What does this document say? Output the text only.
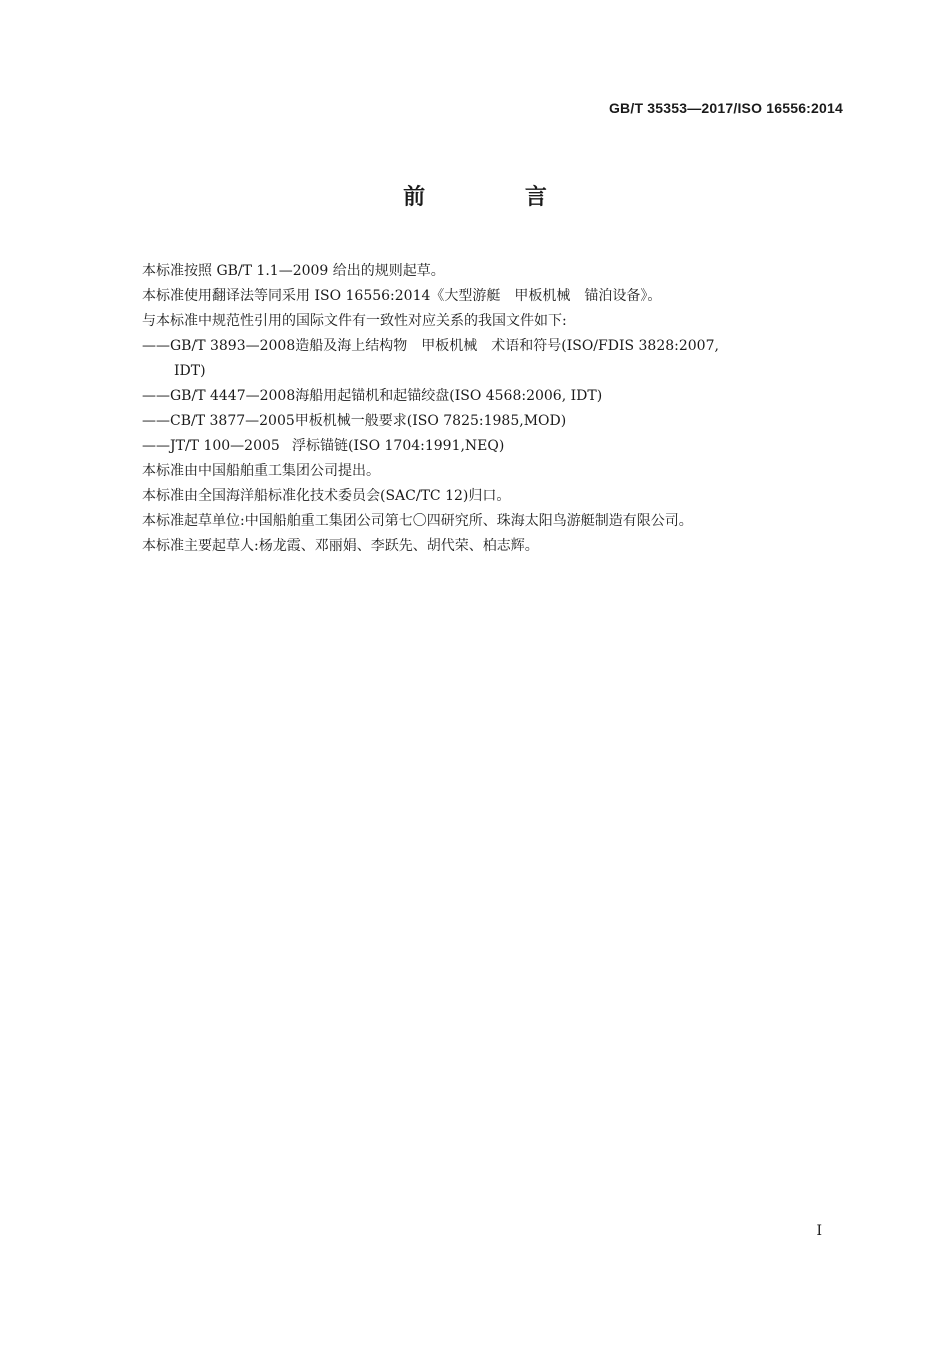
GB/T 35353—2017/ISO 16556:2014
前 言
本标准按照 GB/T 1.1—2009 给出的规则起草。
本标准使用翻译法等同采用 ISO 16556:2014《大型游艇　甲板机械　锚泊设备》。
与本标准中规范性引用的国际文件有一致性对应关系的我国文件如下:
——GB/T 3893—2008造船及海上结构物　甲板机械　术语和符号(ISO/FDIS 3828:2007,
IDT)
——GB/T 4447—2008海船用起锚机和起锚绞盘(ISO 4568:2006, IDT)
——CB/T 3877—2005甲板机械一般要求(ISO 7825:1985,MOD)
——JT/T 100—2005 浮标锚链(ISO 1704:1991,NEQ)
本标准由中国船舶重工集团公司提出。
本标准由全国海洋船标准化技术委员会(SAC/TC 12)归口。
本标准起草单位:中国船舶重工集团公司第七〇四研究所、珠海太阳鸟游艇制造有限公司。
本标准主要起草人:杨龙霞、邓丽娟、李跃先、胡代荣、柏志辉。
I
